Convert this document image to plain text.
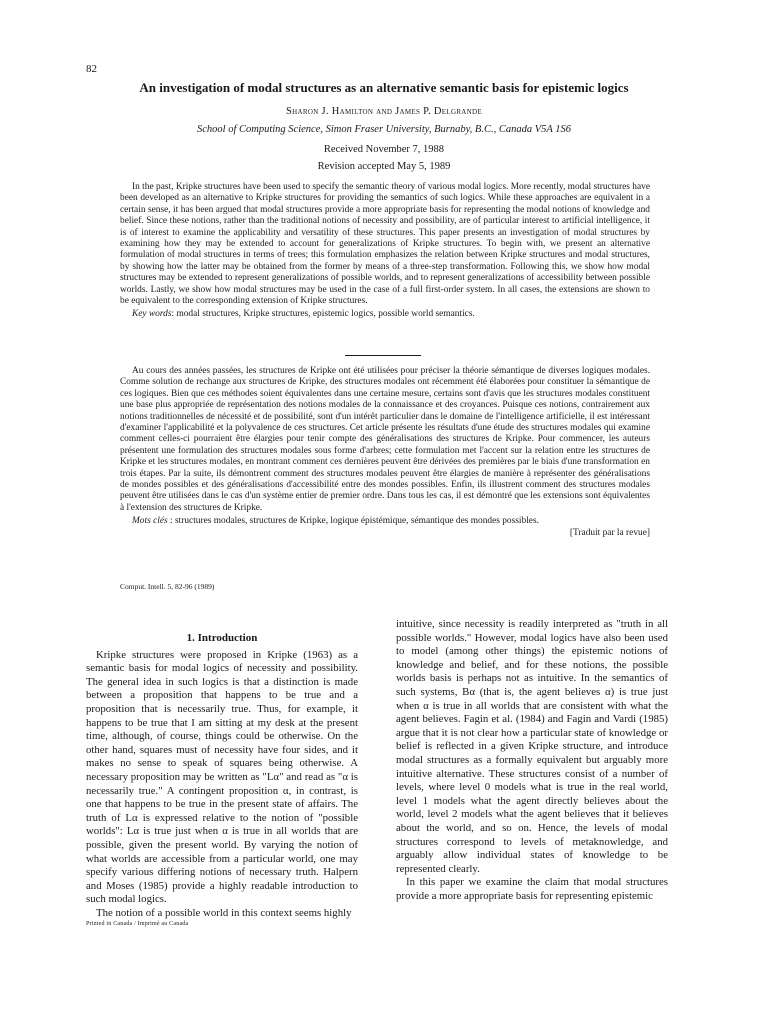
82
An investigation of modal structures as an alternative semantic basis for epistemic logics
Sharon J. Hamilton and James P. Delgrande
School of Computing Science, Simon Fraser University, Burnaby, B.C., Canada V5A 1S6
Received November 7, 1988
Revision accepted May 5, 1989

In the past, Kripke structures have been used to specify the semantic theory of various modal logics. More recently, modal structures have been developed as an alternative to Kripke structures for providing the semantics of such logics. While these approaches are equivalent in a certain sense, it has been argued that modal structures provide a more appropriate basis for representing the modal notions of knowledge and belief. Since these notions, rather than the traditional notions of necessity and possibility, are of particular interest to artificial intelligence, it is of interest to examine the applicability and versatility of these structures. This paper presents an investigation of modal structures by examining how they may be extended to account for generalizations of Kripke structures. To begin with, we present an alternative formulation of modal structures in terms of trees; this formulation emphasizes the relation between Kripke structures and modal structures, by showing how the latter may be obtained from the former by means of a three-step transformation. Following this, we show how modal structures may be extended to represent generalizations of possible worlds, and to represent generalizations of accessibility between possible worlds. Lastly, we show how modal structures may be used in the case of a full first-order system. In all cases, the extensions are shown to be equivalent to the corresponding extension of Kripke structures.

Key words: modal structures, Kripke structures, epistemic logics, possible world semantics.

Au cours des années passées, les structures de Kripke ont été utilisées pour préciser la théorie sémantique de diverses logiques modales. Comme solution de rechange aux structures de Kripke, des structures modales ont récemment été élaborées pour constituer la sémantique de ces logiques. Bien que ces méthodes soient équivalentes dans une certaine mesure, certains sont d'avis que les structures modales constituent une base plus appropriée de représentation des notions modales de la connaissance et des croyances. Puisque ces notions, contrairement aux notions traditionnelles de nécessité et de possibilité, sont d'un intérêt particulier dans le domaine de l'intelligence artificielle, il est intéressant d'examiner l'applicabilité et la polyvalence de ces structures. Cet article présente les résultats d'une étude des structures modales qui examine comment celles-ci pourraient être élargies pour tenir compte des généralisations des structures de Kripke. Pour commencer, les auteurs présentent une formulation des structures modales sous forme d'arbres; cette formulation met l'accent sur la relation entre les structures de Kripke et les structures modales, en montrant comment ces dernières peuvent être dérivées des premières par le biais d'une transformation en trois étapes. Par la suite, ils démontrent comment des structures modales peuvent être élargies de manière à représenter des généralisations de mondes possibles et des généralisations d'accessibilité entre des mondes possibles. Enfin, ils illustrent comment des structures modales peuvent être utilisées dans le cas d'un système entier de premier ordre. Dans tous les cas, il est démontré que les extensions sont équivalentes à l'extension des structures de Kripke.

Mots clés : structures modales, structures de Kripke, logique épistémique, sémantique des mondes possibles.

[Traduit par la revue]

Comput. Intell. 5, 82-96 (1989)
1. Introduction

Kripke structures were proposed in Kripke (1963) as a semantic basis for modal logics of necessity and possibility. The general idea in such logics is that a distinction is made between a proposition that happens to be true and a proposition that is necessarily true. Thus, for example, it happens to be true that I am sitting at my desk at the present time, although, of course, things could be otherwise. On the other hand, squares must of necessity have four sides, and it makes no sense to speak of squares being otherwise. A necessary proposition may be written as "Lα" and read as "α is necessarily true." A contingent proposition α, in contrast, is one that happens to be true in the present state of affairs. The truth of Lα is expressed relative to the notion of "possible worlds": Lα is true just when α is true in all worlds that are possible, given the present world. By varying the notion of what worlds are accessible from a particular world, one may specify various differing notions of necessary truth. Halpern and Moses (1985) provide a highly readable introduction to such modal logics.

The notion of a possible world in this context seems highly

intuitive, since necessity is readily interpreted as "truth in all possible worlds." However, modal logics have also been used to model (among other things) the epistemic notions of knowledge and belief, and for these notions, the possible worlds basis is perhaps not as intuitive. In the semantics of such systems, Bα (that is, the agent believes α) is true just when α is true in all worlds that are consistent with what the agent believes. Fagin et al. (1984) and Fagin and Vardi (1985) argue that it is not clear how a particular state of knowledge or belief is reflected in a given Kripke structure, and introduce modal structures as a formally equivalent but arguably more intuitive alternative. These structures consist of a number of levels, where level 0 models what is true in the real world, level 1 models what the agent directly believes about the world, level 2 models what the agent believes that it believes about the world, and so on. Hence, the levels of modal structures correspond to levels of metaknowledge, and arguably allow individual states of knowledge to be represented clearly.

In this paper we examine the claim that modal structures provide a more appropriate basis for representing epistemic

Printed in Canada / Imprimé au Canada
